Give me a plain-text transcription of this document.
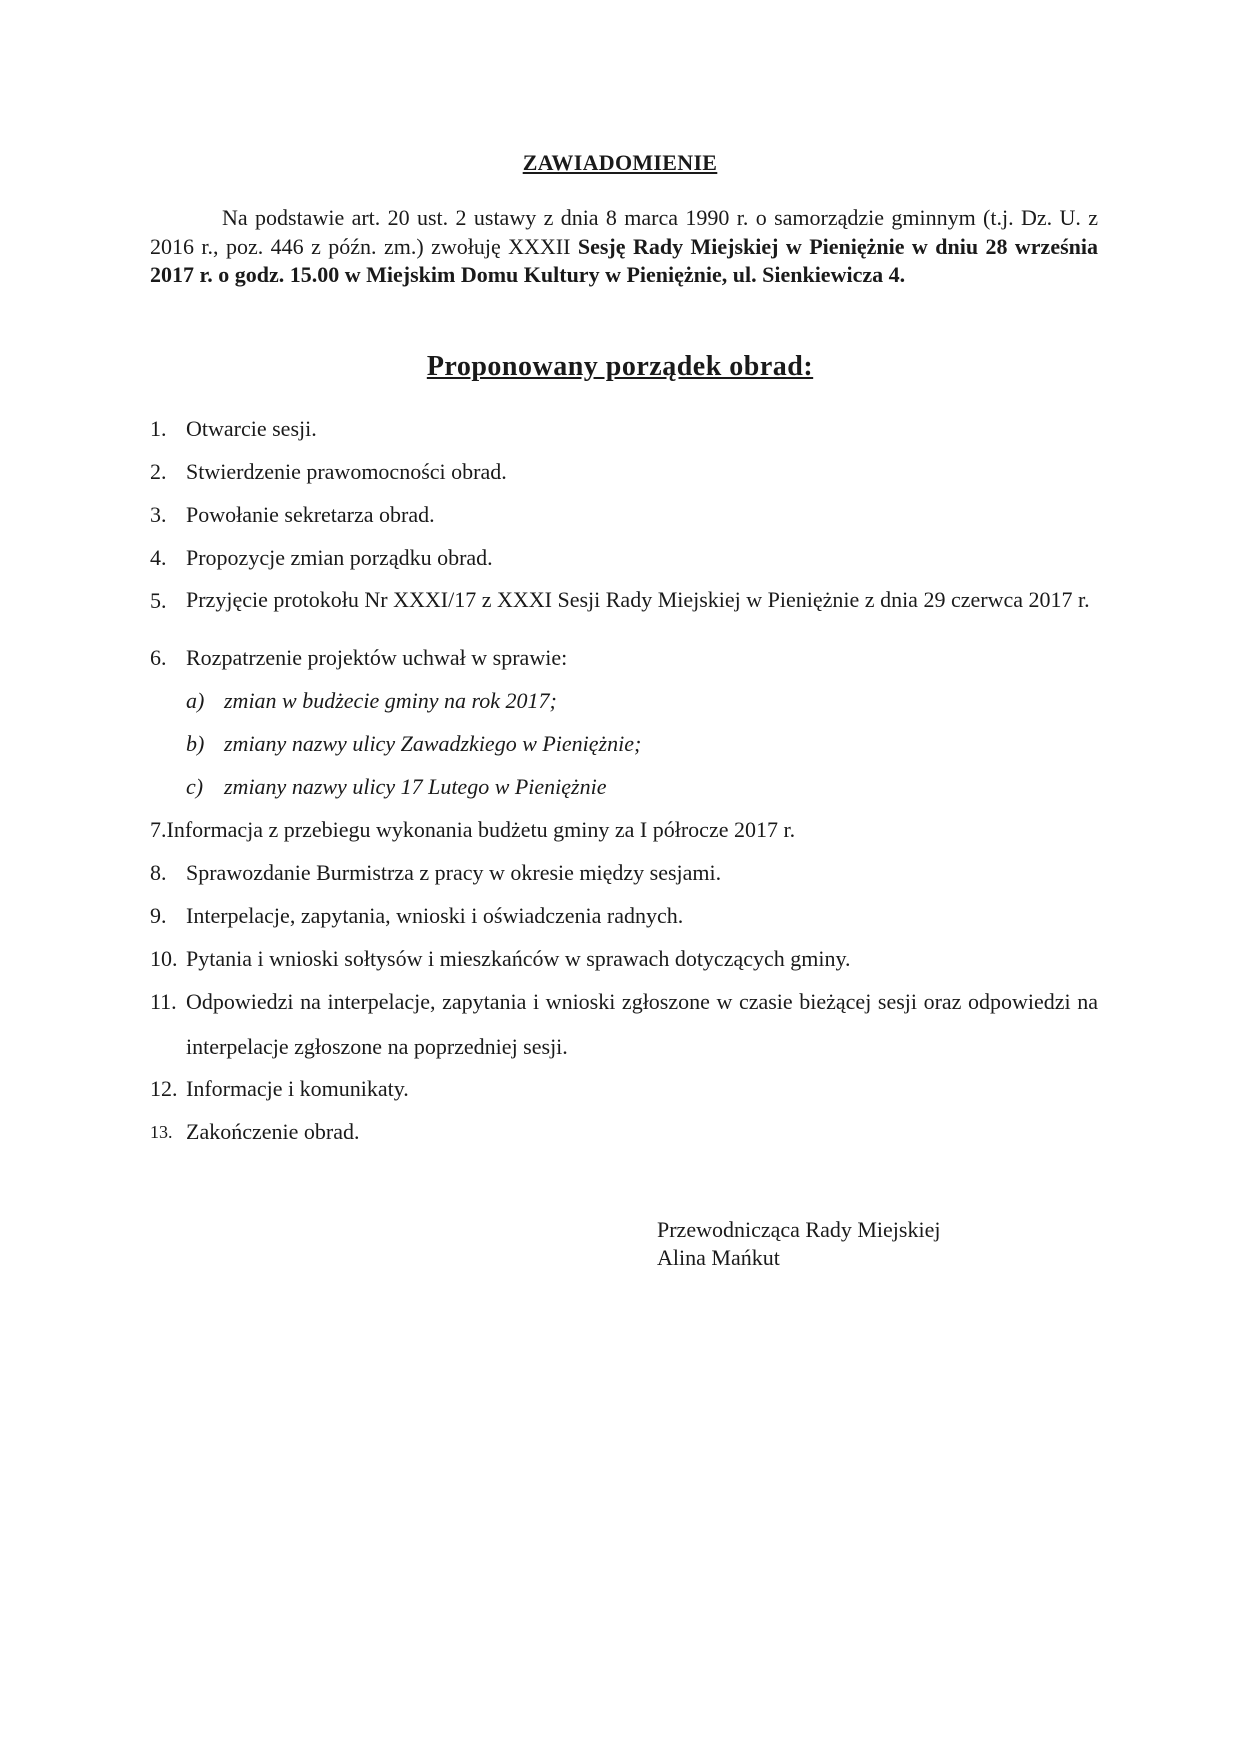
ZAWIADOMIENIE
Na podstawie art. 20 ust. 2 ustawy z dnia 8 marca 1990 r. o samorządzie gminnym (t.j. Dz. U. z 2016 r., poz. 446 z późn. zm.) zwołuję XXXII Sesję Rady Miejskiej w Pieniężnie w dniu 28 września 2017 r. o godz. 15.00 w Miejskim Domu Kultury w Pieniężnie, ul. Sienkiewicza 4.
Proponowany porządek obrad:
1. Otwarcie sesji.
2. Stwierdzenie prawomocności obrad.
3. Powołanie sekretarza obrad.
4. Propozycje zmian porządku obrad.
5. Przyjęcie protokołu Nr XXXI/17 z XXXI Sesji Rady Miejskiej w Pieniężnie z dnia 29 czerwca 2017 r.
6. Rozpatrzenie projektów uchwał w sprawie:
a) zmian w budżecie gminy na rok 2017;
b) zmiany nazwy ulicy Zawadzkiego w Pieniężnie;
c) zmiany nazwy ulicy 17 Lutego w Pieniężnie
7.Informacja z przebiegu wykonania budżetu gminy za I półrocze 2017 r.
8. Sprawozdanie Burmistrza z pracy w okresie między sesjami.
9. Interpelacje, zapytania, wnioski i oświadczenia radnych.
10. Pytania i wnioski sołtysów i mieszkańców w sprawach dotyczących gminy.
11. Odpowiedzi na interpelacje, zapytania i wnioski zgłoszone w czasie bieżącej sesji oraz odpowiedzi na interpelacje zgłoszone na poprzedniej sesji.
12. Informacje i komunikaty.
13. Zakończenie obrad.
Przewodnicząca Rady Miejskiej
Alina Mańkut
